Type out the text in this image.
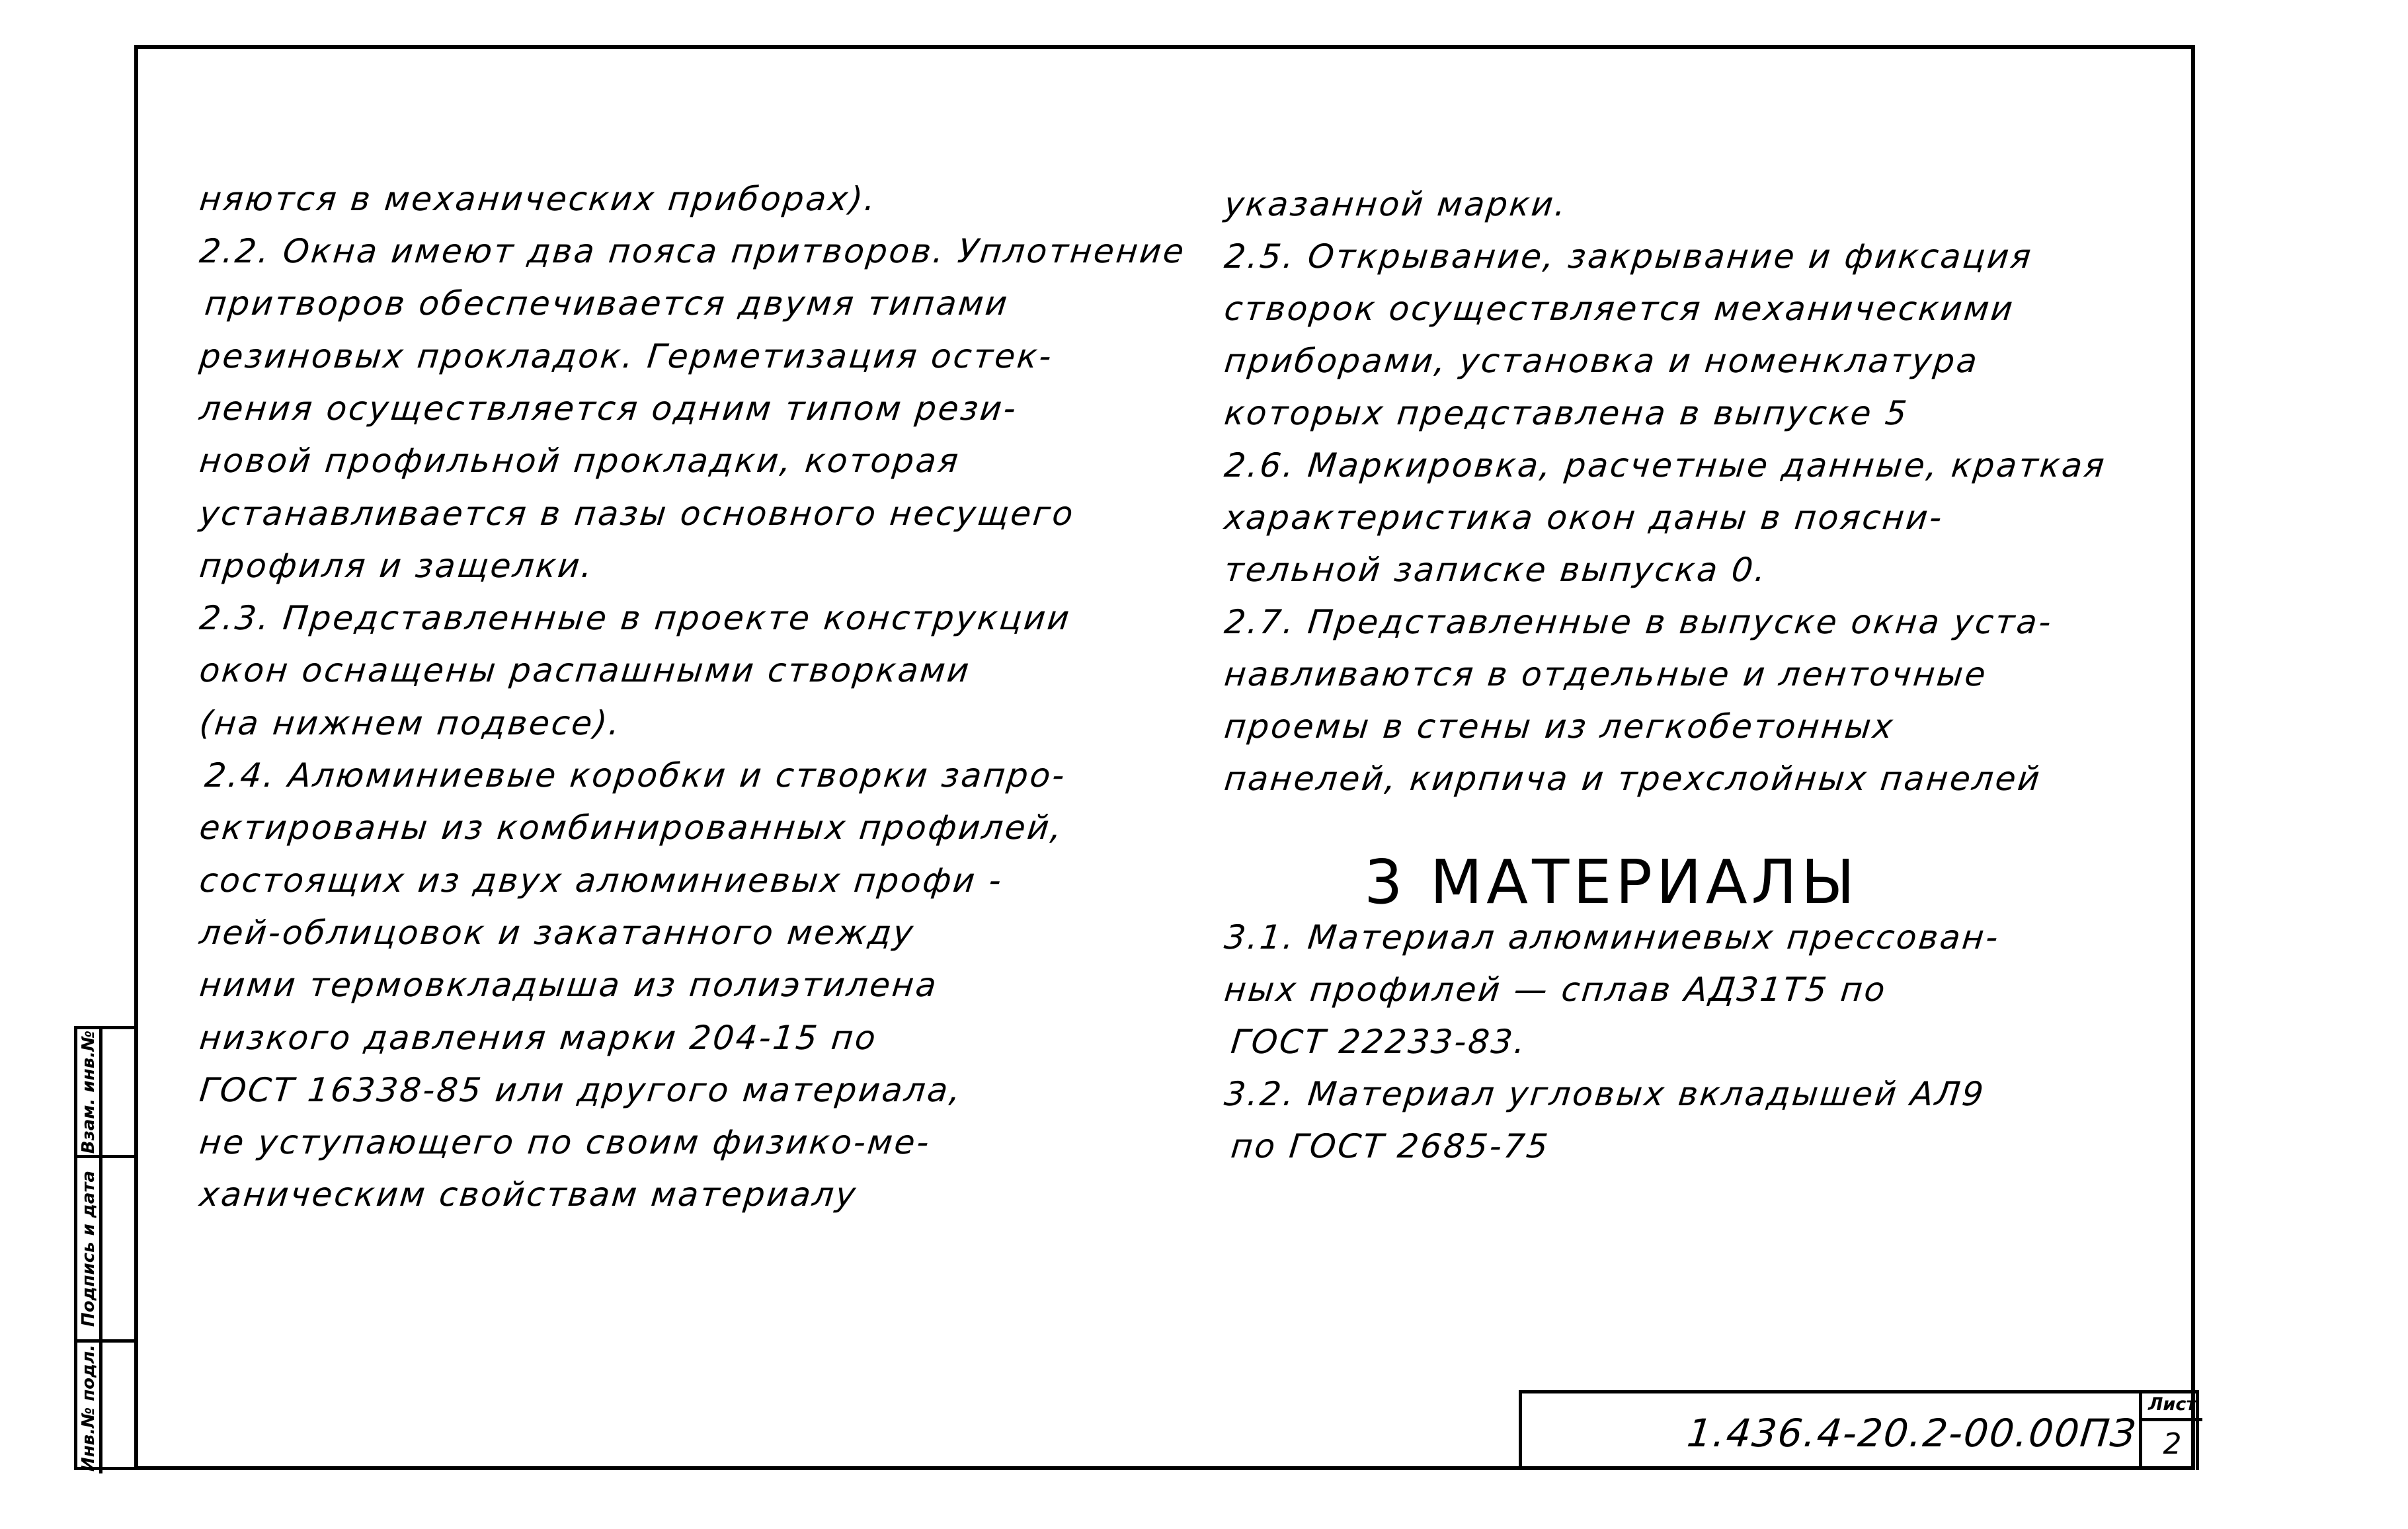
няются в механических приборах).
2.2. Окна имеют два пояса притворов. Уплотнение
притворов обеспечивается двумя типами
резиновых прокладок. Герметизация остек-
ления осуществляется одним типом рези-
новой профильной прокладки, которая
устанавливается в пазы основного несущего
профиля и защелки.
2.3. Представленные в проекте конструкции
окон оснащены распашными створками
(на нижнем подвесе).
2.4. Алюминиевые коробки и створки запро-
ектированы из комбинированных профилей,
состоящих из двух алюминиевых профи -
лей-облицовок и закатанного между
ними термовкладыша из полиэтилена
низкого давления марки 204-15 по
ГОСТ 16338-85 или другого материала,
не уступающего по своим физико-ме-
ханическим свойствам материалу
указанной марки.
2.5. Открывание, закрывание и фиксация
створок осуществляется механическими
приборами, установка и номенклатура
которых представлена в выпуске 5
2.6. Маркировка, расчетные данные, краткая
характеристика окон даны в поясни-
тельной записке выпуска 0.
2.7. Представленные в выпуске окна уста-
навливаются в отдельные и ленточные
проемы в стены из легкобетонных
панелей, кирпича и трехслойных панелей
3 МАТЕРИАЛЫ
3.1. Материал алюминиевых прессован-
ных профилей — сплав АД31Т5 по
ГОСТ 22233-83.
3.2. Материал угловых вкладышей АЛ9
по ГОСТ 2685-75
1.436.4-20.2-00.00ПЗ
Лист
2
Взам. инв.№
Подпись и дата
Инв.№ подл.
